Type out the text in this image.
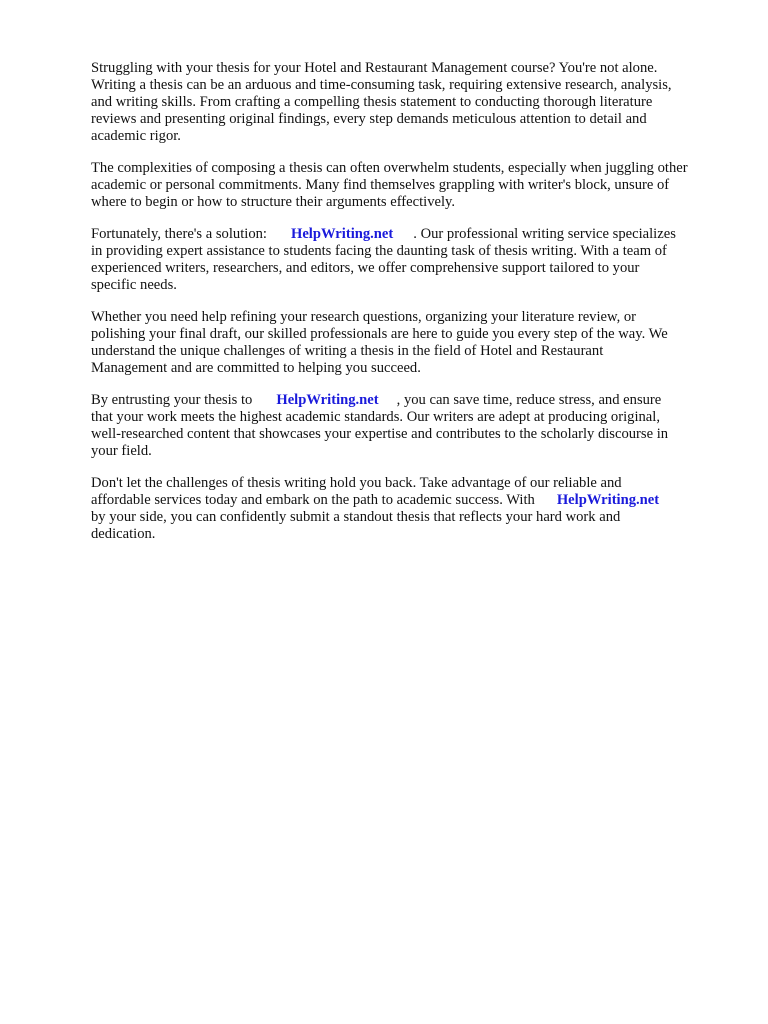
Struggling with your thesis for your Hotel and Restaurant Management course? You're not alone.
Writing a thesis can be an arduous and time-consuming task, requiring extensive research, analysis,
and writing skills. From crafting a compelling thesis statement to conducting thorough literature
reviews and presenting original findings, every step demands meticulous attention to detail and
academic rigor.
The complexities of composing a thesis can often overwhelm students, especially when juggling other
academic or personal commitments. Many find themselves grappling with writer's block, unsure of
where to begin or how to structure their arguments effectively.
Fortunately, there's a solution: HelpWriting.net . Our professional writing service specializes
in providing expert assistance to students facing the daunting task of thesis writing. With a team of
experienced writers, researchers, and editors, we offer comprehensive support tailored to your
specific needs.
Whether you need help refining your research questions, organizing your literature review, or
polishing your final draft, our skilled professionals are here to guide you every step of the way. We
understand the unique challenges of writing a thesis in the field of Hotel and Restaurant
Management and are committed to helping you succeed.
By entrusting your thesis to HelpWriting.net , you can save time, reduce stress, and ensure
that your work meets the highest academic standards. Our writers are adept at producing original,
well-researched content that showcases your expertise and contributes to the scholarly discourse in
your field.
Don't let the challenges of thesis writing hold you back. Take advantage of our reliable and
affordable services today and embark on the path to academic success. With HelpWriting.net
by your side, you can confidently submit a standout thesis that reflects your hard work and
dedication.
